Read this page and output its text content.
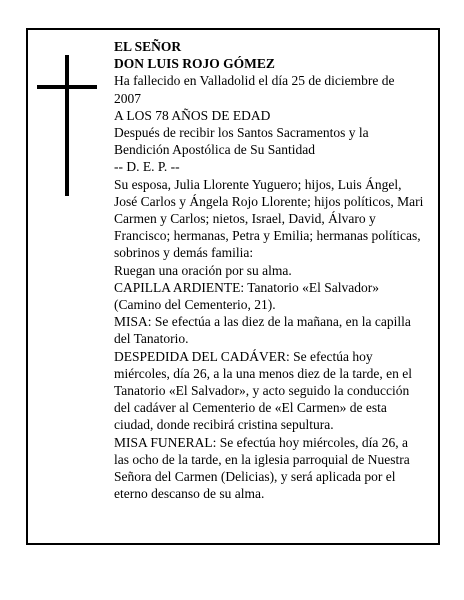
EL SEÑOR

DON LUIS ROJO GÓMEZ

Ha fallecido en Valladolid el día 25 de diciembre de 2007

A LOS 78 AÑOS DE EDAD

Después de recibir los Santos Sacramentos y la Bendición Apostólica de Su Santidad

-- D. E. P. --

Su esposa, Julia Llorente Yuguero; hijos, Luis Ángel, José Carlos y Ángela Rojo Llorente; hijos políticos, Mari Carmen y Carlos; nietos, Israel, David, Álvaro y Francisco; hermanas, Petra y Emilia; hermanas políticas, sobrinos y demás familia:

Ruegan una oración por su alma.

CAPILLA ARDIENTE: Tanatorio «El Salvador» (Camino del Cementerio, 21).

MISA: Se efectúa a las diez de la mañana, en la capilla del Tanatorio.

DESPEDIDA DEL CADÁVER: Se efectúa hoy miércoles, día 26, a la una menos diez de la tarde, en el Tanatorio «El Salvador», y acto seguido la conducción del cadáver al Cementerio de «El Carmen» de esta ciudad, donde recibirá cristina sepultura.

MISA FUNERAL: Se efectúa hoy miércoles, día 26, a las ocho de la tarde, en la iglesia parroquial de Nuestra Señora del Carmen (Delicias), y será aplicada por el eterno descanso de su alma.
